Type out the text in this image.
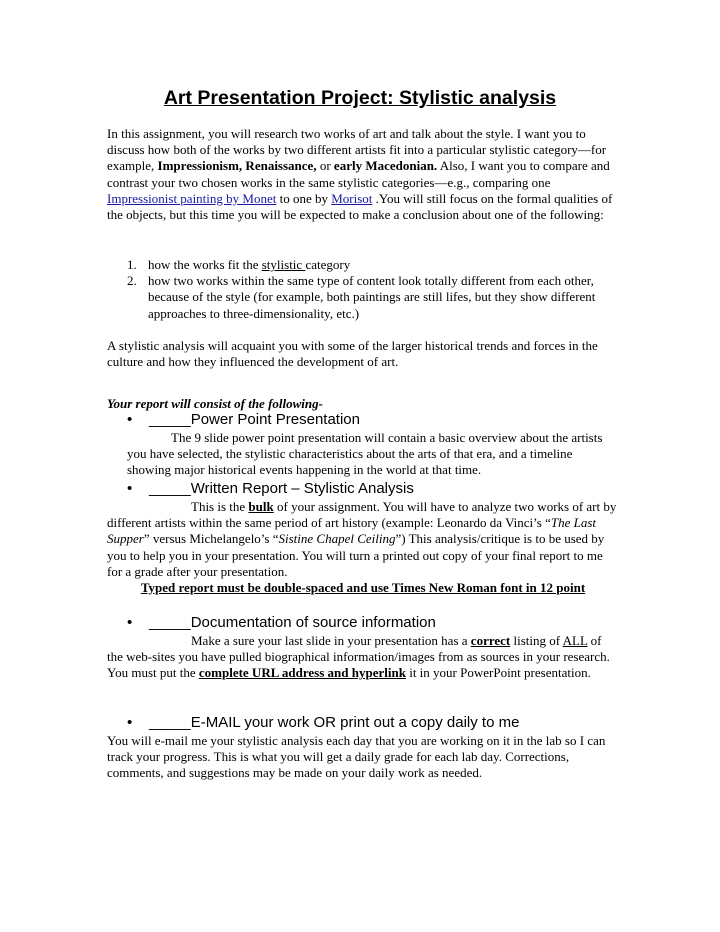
Art Presentation Project: Stylistic analysis

In this assignment, you will research two works of art and talk about the style. I want you to discuss how both of the works by two different artists fit into a particular stylistic category—for example, Impressionism, Renaissance, or early Macedonian. Also, I want you to compare and contrast your two chosen works in the same stylistic categories—e.g., comparing one Impressionist painting by Monet to one by Morisot .You will still focus on the formal qualities of the objects, but this time you will be expected to make a conclusion about one of the following:

1. how the works fit the stylistic category
2. how two works within the same type of content look totally different from each other, because of the style (for example, both paintings are still lifes, but they show different approaches to three-dimensionality, etc.)

A stylistic analysis will acquaint you with some of the larger historical trends and forces in the culture and how they influenced the development of art.

Your report will consist of the following-

• _____Power Point Presentation

The 9 slide power point presentation will contain a basic overview about the artists you have selected, the stylistic characteristics about the arts of that era, and a timeline showing major historical events happening in the world at that time.

• _____Written Report – Stylistic Analysis

This is the bulk of your assignment. You will have to analyze two works of art by different artists within the same period of art history (example: Leonardo da Vinci’s “The Last Supper” versus Michelangelo’s “Sistine Chapel Ceiling”) This analysis/critique is to be used by you to help you in your presentation. You will turn a printed out copy of your final report to me for a grade after your presentation.

Typed report must be double-spaced and use Times New Roman font in 12 point

• _____Documentation of source information

Make a sure your last slide in your presentation has a correct listing of ALL of the web-sites you have pulled biographical information/images from as sources in your research. You must put the complete URL address and hyperlink it in your PowerPoint presentation.

• _____E-MAIL your work OR print out a copy daily to me

You will e-mail me your stylistic analysis each day that you are working on it in the lab so I can track your progress. This is what you will get a daily grade for each lab day. Corrections, comments, and suggestions may be made on your daily work as needed.
